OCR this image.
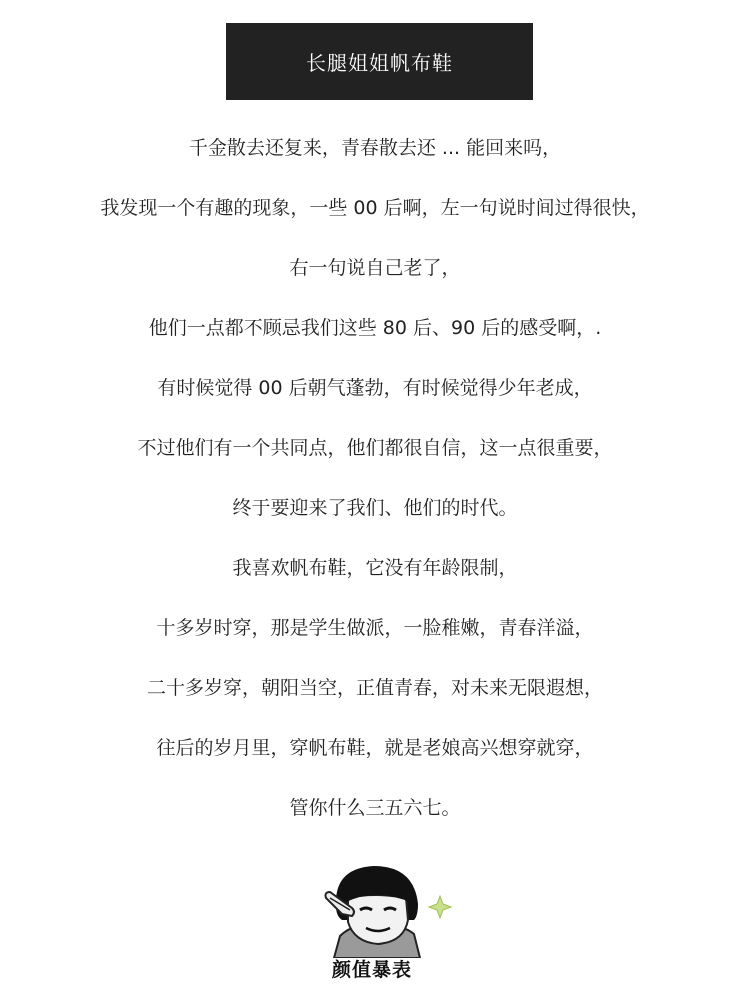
长腿姐姐帆布鞋
千金散去还复来，青春散去还 ... 能回来吗，
我发现一个有趣的现象，一些 00 后啊，左一句说时间过得很快，
右一句说自己老了，
他们一点都不顾忌我们这些 80 后、90 后的感受啊，.
有时候觉得 00 后朝气蓬勃，有时候觉得少年老成，
不过他们有一个共同点，他们都很自信，这一点很重要，
终于要迎来了我们、他们的时代。
我喜欢帆布鞋，它没有年龄限制，
十多岁时穿，那是学生做派，一脸稚嫩，青春洋溢，
二十多岁穿，朝阳当空，正值青春，对未来无限遐想，
往后的岁月里，穿帆布鞋，就是老娘高兴想穿就穿，
管你什么三五六七。
颜值暴表
